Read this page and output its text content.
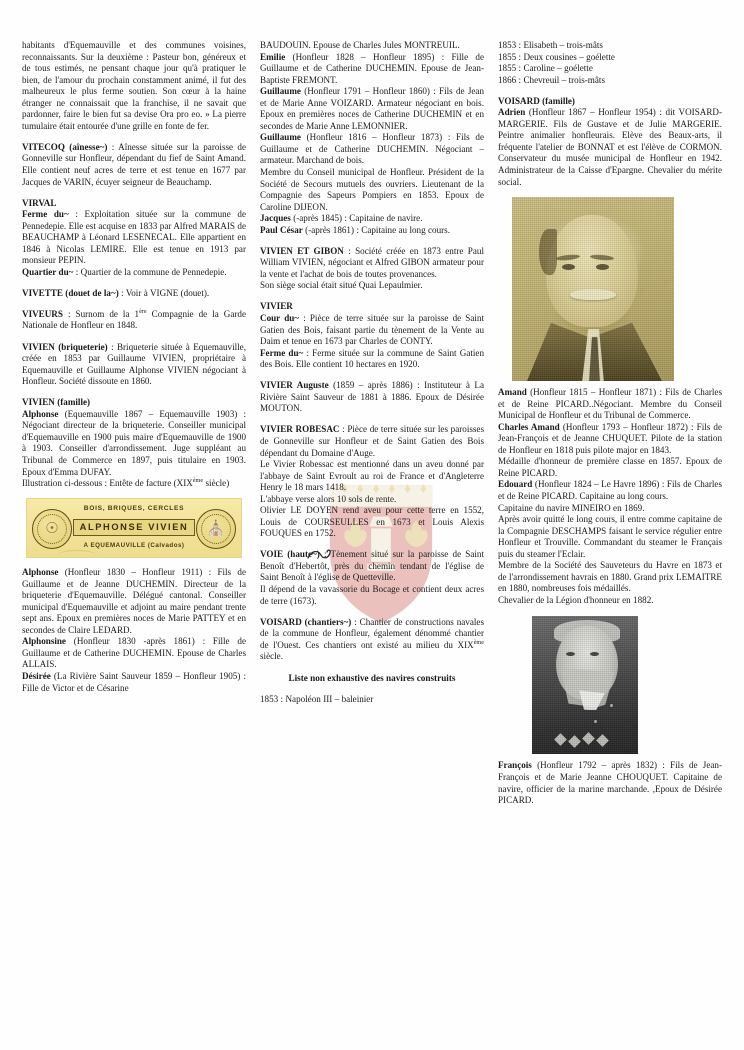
habitants d'Equemauville et des communes voisines, reconnaissants. Sur la deuxième : Pasteur bon, généreux et de tous estimés, ne pensant chaque jour qu'à pratiquer le bien, de l'amour du prochain constamment animé, il fut des malheureux le plus ferme soutien. Son cœur à la haine étranger ne connaissait que la franchise, il ne savait que pardonner, faire le bien fut sa devise Ora pro eo. » La pierre tumulaire était entourée d'une grille en fonte de fer.

VITECOQ (aînesse~) : Aînesse située sur la paroisse de Gonneville sur Honfleur, dépendant du fief de Saint Amand. Elle contient neuf acres de terre et est tenue en 1677 par Jacques de VARIN, écuyer seigneur de Beauchamp.

VIRVAL

Ferme du~ : Exploitation située sur la commune de Pennedepie. Elle est acquise en 1833 par Alfred MARAIS de BEAUCHAMP à Léonard LESENECAL. Elle appartient en 1846 à Nicolas LEMIRE. Elle est tenue en 1913 par monsieur PEPIN.

Quartier du~ : Quartier de la commune de Pennedepie.

VIVETTE (douet de la~) : Voir à VIGNE (douet).

VIVEURS : Surnom de la 1ère Compagnie de la Garde Nationale de Honfleur en 1848.

VIVIEN (briqueterie) : Briqueterie située à Equemauville, créée en 1853 par Guillaume VIVIEN, propriétaire à Equemauville et Guillaume Alphonse VIVIEN négociant à Honfleur. Société dissoute en 1860.

VIVIEN (famille)

Alphonse (Equemauville 1867 – Equemauville 1903) : Négociant directeur de la briqueterie. Conseiller municipal d'Equemauville en 1900 puis maire d'Equemauville de 1900 à 1903. Conseiller d'arrondissement. Juge suppléant au Tribunal de Commerce en 1897, puis titulaire en 1903. Epoux d'Emma DUFAY.

Illustration ci-dessous : Entête de facture (XIXème siècle)

BOIS, BRIQUES, CERCLES
☉	⛪
ALPHONSE VIVIEN
A EQUEMAUVILLE (Calvados)

Alphonse (Honfleur 1830 – Honfleur 1911) : Fils de Guillaume et de Jeanne DUCHEMIN. Directeur de la briqueterie d'Equemauville. Délégué cantonal. Conseiller municipal d'Equemauville et adjoint au maire pendant trente sept ans. Epoux en premières noces de Marie PATTEY et en secondes de Claire LEDARD.

Alphonsine (Honfleur 1830 -après 1861) : Fille de Guillaume et de Catherine DUCHEMIN. Epouse de Charles ALLAIS.

Désirée (La Rivière Saint Sauveur 1859 – Honfleur 1905) : Fille de Victor et de Césarine

BAUDOUIN. Epouse de Charles Jules MONTREUIL.

Emilie (Honfleur 1828 – Honfleur 1895) : Fille de Guillaume et de Catherine DUCHEMIN. Epouse de Jean-Baptiste FREMONT.

Guillaume (Honfleur 1791 – Honfleur 1860) : Fils de Jean et de Marie Anne VOIZARD. Armateur négociant en bois. Epoux en premières noces de Catherine DUCHEMIN et en secondes de Marie Anne LEMONNIER.

Guillaume (Honfleur 1816 – Honfleur 1873) : Fils de Guillaume et de Catherine DUCHEMIN. Négociant – armateur. Marchand de bois.

Membre du Conseil municipal de Honfleur. Président de la Société de Secours mutuels des ouvriers. Lieutenant de la Compagnie des Sapeurs Pompiers en 1853. Epoux de Caroline DIJEON.

Jacques (-après 1845) : Capitaine de navire.

Paul César (-après 1861) : Capitaine au long cours.

VIVIEN ET GIBON : Société créée en 1873 entre Paul William VIVIEN, négociant et Alfred GIBON armateur pour la vente et l'achat de bois de toutes provenances.

Son siège social était situé Quai Lepaulmier.

VIVIER

Cour du~ : Pièce de terre située sur la paroisse de Saint Gatien des Bois, faisant partie du tènement de la Vente au Daim et tenue en 1673 par Charles de CONTY.

Ferme du~ : Ferme située sur la commune de Saint Gatien des Bois. Elle contient 10 hectares en 1920.

VIVIER Auguste (1859 – après 1886) : Instituteur à La Rivière Saint Sauveur de 1881 à 1886. Epoux de Désirée MOUTON.

VIVIER ROBESAC : Pièce de terre située sur les paroisses de Gonneville sur Honfleur et de Saint Gatien des Bois dépendant du Domaine d'Auge.

Le Vivier Robessac est mentionné dans un aveu donné par l'abbaye de Saint Evroult au roi de France et d'Angleterre Henry le 18 mars 1418.

L'abbaye verse alors 10 sols de rente.

Olivier LE DOYEN rend aveu pour cette terre en 1552, Louis de COURSEULLES en 1673 et Louis Alexis FOUQUES en 1752.

VOIE (haute~)
: Tènement situé sur la paroisse de Saint Benoît d'Hebertôt, près du chemin tendant de l'église de Saint Benoît à l'église de Quetteville.

Il dépend de la vavassorie du Bocage et contient deux acres de terre (1673).

VOISARD (chantiers~) : Chantier de constructions navales de la commune de Honfleur, également dénommé chantier de l'Ouest. Ces chantiers ont existé au milieu du XIXème siècle.

Liste non exhaustive des navires construits

1853 : Napoléon III – baleinier

1853 : Elisabeth – trois-mâts

1855 : Deux cousines – goélette

1855 : Caroline – goélette

1866 : Chevreuil – trois-mâts

VOISARD (famille)

Adrien (Honfleur 1867 – Honfleur 1954) : dit VOISARD-MARGERIE. Fils de Gustave et de Julie MARGERIE. Peintre animalier honfleurais. Elève des Beaux-arts, il fréquente l'atelier de BONNAT et est l'élève de CORMON. Conservateur du musée municipal de Honfleur en 1942. Administrateur de la Caisse d'Epargne. Chevalier du mérite social.

Amand (Honfleur 1815 – Honfleur 1871) : Fils de Charles et de Reine PICARD..Négociant. Membre du Conseil Municipal de Honfleur et du Tribunal de Commerce.

Charles Amand (Honfleur 1793 – Honfleur 1872) : Fils de Jean-François et de Jeanne CHUQUET. Pilote de la station de Honfleur en 1818 puis pilote major en 1843.

Médaille d'honneur de première classe en 1857. Epoux de Reine PICARD.

Edouard (Honfleur 1824 – Le Havre 1896) : Fils de Charles et de Reine PICARD. Capitaine au long cours.

Capitaine du navire MINEIRO en 1869.

Après avoir quitté le long cours, il entre comme capitaine de la Compagnie DESCHAMPS faisant le service régulier entre Honfleur et Trouville. Commandant du steamer le Français puis du steamer l'Eclair.

Membre de la Société des Sauveteurs du Havre en 1873 et de l'arrondissement havrais en 1880. Grand prix LEMAITRE en 1880, nombreuses fois médaillés.

Chevalier de la Légion d'honneur en 1882.

François (Honfleur 1792 – après 1832) : Fils de Jean-François et de Marie Jeanne CHOUQUET. Capitaine de navire, officier de la marine marchande. ,Epoux de Désirée PICARD.
